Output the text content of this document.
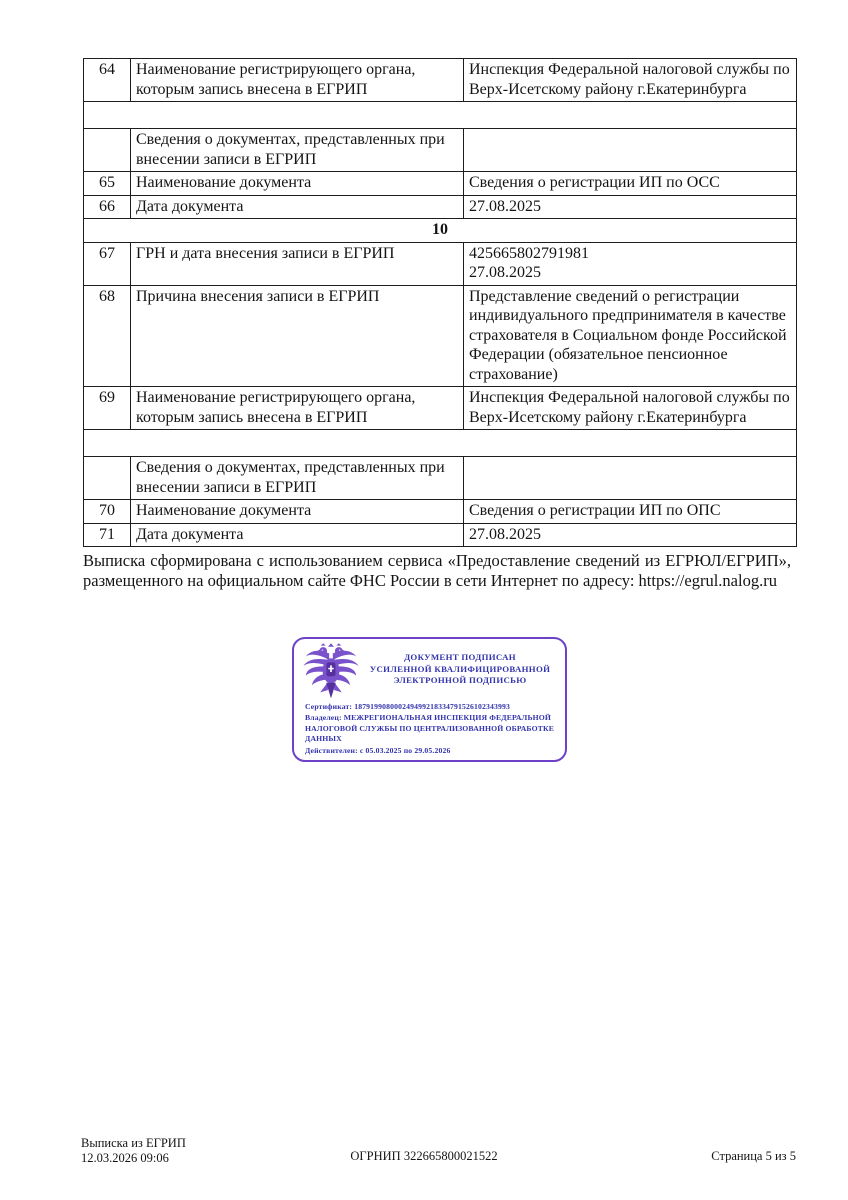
64	Наименование регистрирующего органа, которым запись внесена в ЕГРИП	Инспекция Федеральной налоговой службы по Верх-Исетскому району г.Екатеринбурга

	Сведения о документах, представленных при внесении записи в ЕГРИП	
65	Наименование документа	Сведения о регистрации ИП по ОСС
66	Дата документа	27.08.2025
10		
67	ГРН и дата внесения записи в ЕГРИП	425665802791981
27.08.2025
68	Причина внесения записи в ЕГРИП	Представление сведений о регистрации индивидуального предпринимателя в качестве страхователя в Социальном фонде Российской Федерации (обязательное пенсионное страхование)
69	Наименование регистрирующего органа, которым запись внесена в ЕГРИП	Инспекция Федеральной налоговой службы по Верх-Исетскому району г.Екатеринбурга

	Сведения о документах, представленных при внесении записи в ЕГРИП	
70	Наименование документа	Сведения о регистрации ИП по ОПС
71	Дата документа	27.08.2025

Выписка сформирована с использованием сервиса «Предоставление сведений из ЕГРЮЛ/ЕГРИП», размещенного на официальном сайте ФНС России в сети Интернет по адресу: https://egrul.nalog.ru

ДОКУМЕНТ ПОДПИСАН
УСИЛЕННОЙ КВАЛИФИЦИРОВАННОЙ
ЭЛЕКТРОННОЙ ПОДПИСЬЮ
Сертификат: 187919908000249499218334791526102343993
Владелец: МЕЖРЕГИОНАЛЬНАЯ ИНСПЕКЦИЯ ФЕДЕРАЛЬНОЙ НАЛОГОВОЙ СЛУЖБЫ ПО ЦЕНТРАЛИЗОВАННОЙ ОБРАБОТКЕ ДАННЫХ
Действителен: с 05.03.2025 по 29.05.2026
Выписка из ЕГРИП
12.03.2026 09:06	ОГРНИП 322665800021522	Страница 5 из 5
